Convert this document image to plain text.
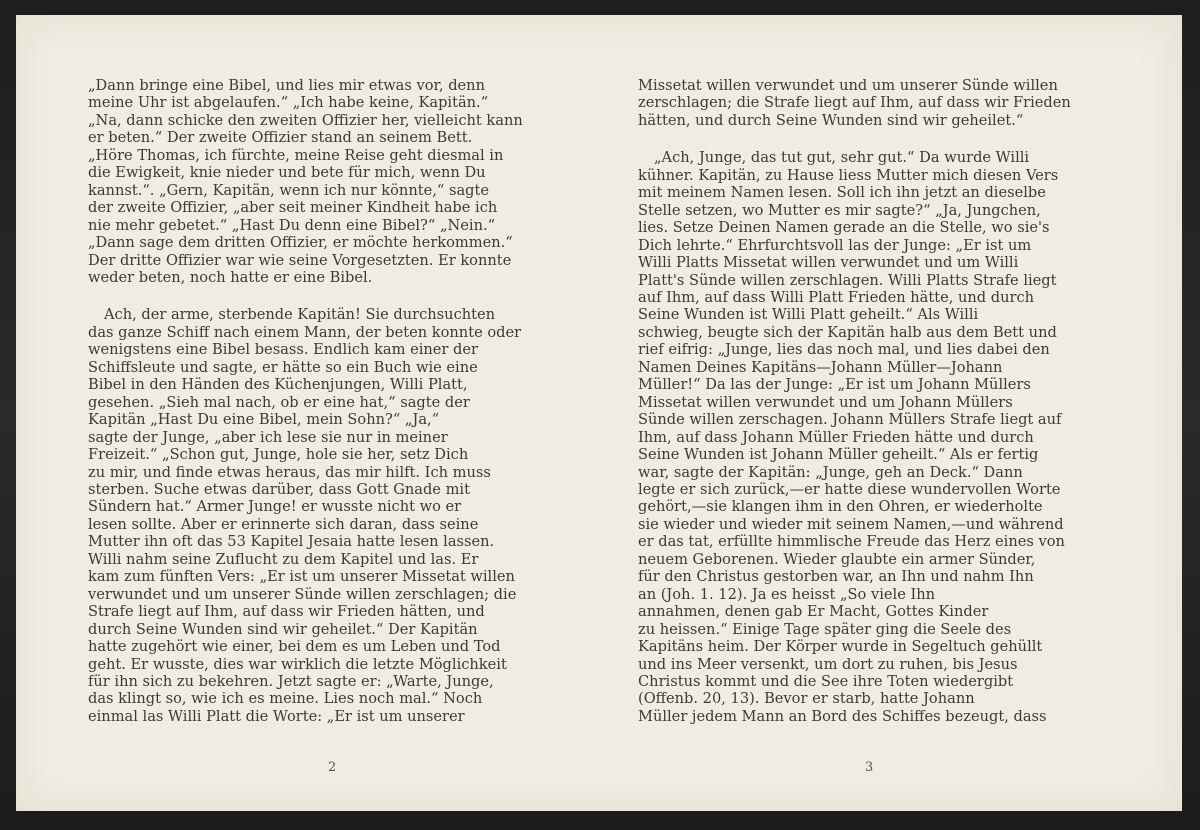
„Dann bringe eine Bibel, und lies mir etwas vor, denn
meine Uhr ist abgelaufen.“ „Ich habe keine, Kapitän.“
„Na, dann schicke den zweiten Offizier her, vielleicht kann
er beten.“ Der zweite Offizier stand an seinem Bett.
„Höre Thomas, ich fürchte, meine Reise geht diesmal in
die Ewigkeit, knie nieder und bete für mich, wenn Du
kannst.“. „Gern, Kapitän, wenn ich nur könnte,“ sagte
der zweite Offizier, „aber seit meiner Kindheit habe ich
nie mehr gebetet.“ „Hast Du denn eine Bibel?“ „Nein.“
„Dann sage dem dritten Offizier, er möchte herkommen.“
Der dritte Offizier war wie seine Vorgesetzten. Er konnte
weder beten, noch hatte er eine Bibel.

Ach, der arme, sterbende Kapitän! Sie durchsuchten
das ganze Schiff nach einem Mann, der beten konnte oder
wenigstens eine Bibel besass. Endlich kam einer der
Schiffsleute und sagte, er hätte so ein Buch wie eine
Bibel in den Händen des Küchenjungen, Willi Platt,
gesehen. „Sieh mal nach, ob er eine hat,“ sagte der
Kapitän „Hast Du eine Bibel, mein Sohn?“ „Ja,“
sagte der Junge, „aber ich lese sie nur in meiner
Freizeit.“ „Schon gut, Junge, hole sie her, setz Dich
zu mir, und finde etwas heraus, das mir hilft. Ich muss
sterben. Suche etwas darüber, dass Gott Gnade mit
Sündern hat.“ Armer Junge! er wusste nicht wo er
lesen sollte. Aber er erinnerte sich daran, dass seine
Mutter ihn oft das 53 Kapitel Jesaia hatte lesen lassen.
Willi nahm seine Zuflucht zu dem Kapitel und las. Er
kam zum fünften Vers: „Er ist um unserer Missetat willen
verwundet und um unserer Sünde willen zerschlagen; die
Strafe liegt auf Ihm, auf dass wir Frieden hätten, und
durch Seine Wunden sind wir geheilet.“ Der Kapitän
hatte zugehört wie einer, bei dem es um Leben und Tod
geht. Er wusste, dies war wirklich die letzte Möglichkeit
für ihn sich zu bekehren. Jetzt sagte er: „Warte, Junge,
das klingt so, wie ich es meine. Lies noch mal.“ Noch
einmal las Willi Platt die Worte: „Er ist um unserer

Missetat willen verwundet und um unserer Sünde willen
zerschlagen; die Strafe liegt auf Ihm, auf dass wir Frieden
hätten, und durch Seine Wunden sind wir geheilet.“

„Ach, Junge, das tut gut, sehr gut.“ Da wurde Willi
kühner. Kapitän, zu Hause liess Mutter mich diesen Vers
mit meinem Namen lesen. Soll ich ihn jetzt an dieselbe
Stelle setzen, wo Mutter es mir sagte?“ „Ja, Jungchen,
lies. Setze Deinen Namen gerade an die Stelle, wo sie's
Dich lehrte.“ Ehrfurchtsvoll las der Junge: „Er ist um
Willi Platts Missetat willen verwundet und um Willi
Platt's Sünde willen zerschlagen. Willi Platts Strafe liegt
auf Ihm, auf dass Willi Platt Frieden hätte, und durch
Seine Wunden ist Willi Platt geheilt.“ Als Willi
schwieg, beugte sich der Kapitän halb aus dem Bett und
rief eifrig: „Junge, lies das noch mal, und lies dabei den
Namen Deines Kapitäns—Johann Müller—Johann
Müller!“ Da las der Junge: „Er ist um Johann Müllers
Missetat willen verwundet und um Johann Müllers
Sünde willen zerschagen. Johann Müllers Strafe liegt auf
Ihm, auf dass Johann Müller Frieden hätte und durch
Seine Wunden ist Johann Müller geheilt.“ Als er fertig
war, sagte der Kapitän: „Junge, geh an Deck.“ Dann
legte er sich zurück,—er hatte diese wundervollen Worte
gehört,—sie klangen ihm in den Ohren, er wiederholte
sie wieder und wieder mit seinem Namen,—und während
er das tat, erfüllte himmlische Freude das Herz eines von
neuem Geborenen. Wieder glaubte ein armer Sünder,
für den Christus gestorben war, an Ihn und nahm Ihn
an (Joh. 1. 12). Ja es heisst „So viele Ihn
annahmen, denen gab Er Macht, Gottes Kinder
zu heissen.“ Einige Tage später ging die Seele des
Kapitäns heim. Der Körper wurde in Segeltuch gehüllt
und ins Meer versenkt, um dort zu ruhen, bis Jesus
Christus kommt und die See ihre Toten wiedergibt
(Offenb. 20, 13). Bevor er starb, hatte Johann
Müller jedem Mann an Bord des Schiffes bezeugt, dass

2	3
